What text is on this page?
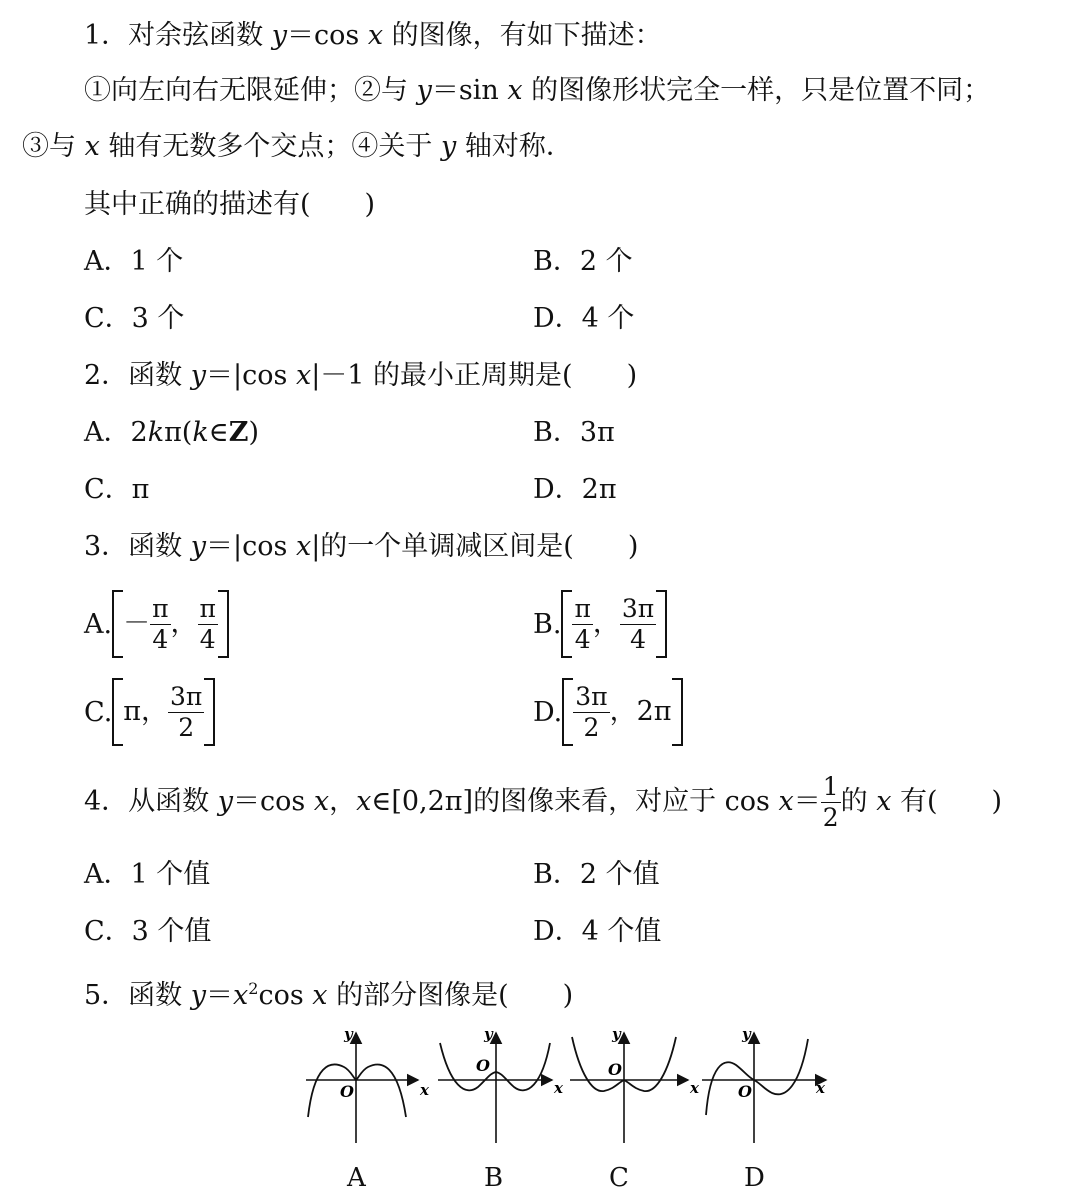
1．对余弦函数 y＝cos x 的图像，有如下描述：
①向左向右无限延伸；②与 y＝sin x 的图像形状完全一样，只是位置不同；
③与 x 轴有无数多个交点；④关于 y 轴对称．
其中正确的描述有(　　)
A．1 个	B．2 个
C．3 个	D．4 个
2．函数 y＝|cos x|－1 的最小正周期是(　　)
A．2kπ(k∈Z)	B．3π
C．π	D．2π
3．函数 y＝|cos x|的一个单调减区间是(　　)
A. － $\frac{\pi}{4}$ ， $\frac{\pi}{4}$	B. $\frac{\pi}{4}$ ， $\frac{3\pi}{4}$
C. π， $\frac{3\pi}{2}$	D. $\frac{3\pi}{2}$ ， 2π
4．从函数 y＝cos x，x∈[0,2π]的图像来看，对应于 $\cos x= \frac{1}{2}$ 的 x 有(　　)
A．1 个值	B．2 个值
C．3 个值	D．4 个值
5．函数 $y=x^2\cos$ x 的部分图像是(　　)
y
x
O
y
x
O
y
x
O
y
x
O
A	B	C	D
